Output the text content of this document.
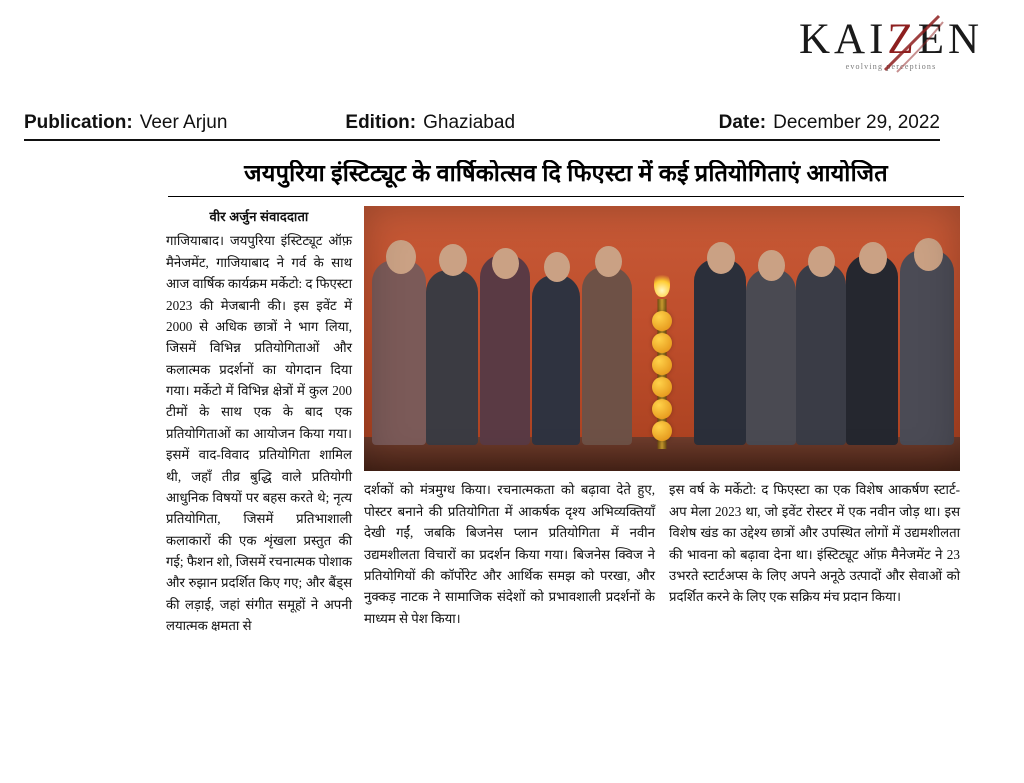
KAIZEN
evolving perceptions
Publication: Veer Arjun	Edition: Ghaziabad	Date: December 29, 2022
जयपुरिया इंस्टिट्यूट के वार्षिकोत्सव दि फिएस्टा में कई प्रतियोगिताएं आयोजित
वीर अर्जुन संवाददाता
गाजियाबाद। जयपुरिया इंस्टिट्यूट ऑफ़ मैनेजमेंट, गाजियाबाद ने गर्व के साथ आज वार्षिक कार्यक्रम मर्केटो: द फिएस्टा 2023 की मेजबानी की। इस इवेंट में 2000 से अधिक छात्रों ने भाग लिया, जिसमें विभिन्न प्रतियोगिताओं और कलात्मक प्रदर्शनों का योगदान दिया गया। मर्केटो में विभिन्न क्षेत्रों में कुल 200 टीमों के साथ एक के बाद एक प्रतियोगिताओं का आयोजन किया गया। इसमें वाद-विवाद प्रतियोगिता शामिल थी, जहाँ तीव्र बुद्धि वाले प्रतियोगी आधुनिक विषयों पर बहस करते थे; नृत्य प्रतियोगिता, जिसमें प्रतिभाशाली कलाकारों की एक शृंखला प्रस्तुत की गई; फैशन शो, जिसमें रचनात्मक पोशाक और रुझान प्रदर्शित किए गए; और बैंड्स की लड़ाई, जहां संगीत समूहों ने अपनी लयात्मक क्षमता से
दर्शकों को मंत्रमुग्ध किया। रचनात्मकता को बढ़ावा देते हुए, पोस्टर बनाने की प्रतियोगिता में आकर्षक दृश्य अभिव्यक्तियाँ देखी गईं, जबकि बिजनेस प्लान प्रतियोगिता में नवीन उद्यमशीलता विचारों का प्रदर्शन किया गया। बिजनेस क्विज ने प्रतियोगियों की कॉर्पोरेट और आर्थिक समझ को परखा, और नुक्कड़ नाटक ने सामाजिक संदेशों को प्रभावशाली प्रदर्शनों के माध्यम से पेश किया।
इस वर्ष के मर्केटो: द फिएस्टा का एक विशेष आकर्षण स्टार्ट-अप मेला 2023 था, जो इवेंट रोस्टर में एक नवीन जोड़ था। इस विशेष खंड का उद्देश्य छात्रों और उपस्थित लोगों में उद्यमशीलता की भावना को बढ़ावा देना था। इंस्टिट्यूट ऑफ़ मैनेजमेंट ने 23 उभरते स्टार्टअप्स के लिए अपने अनूठे उत्पादों और सेवाओं को प्रदर्शित करने के लिए एक सक्रिय मंच प्रदान किया।
